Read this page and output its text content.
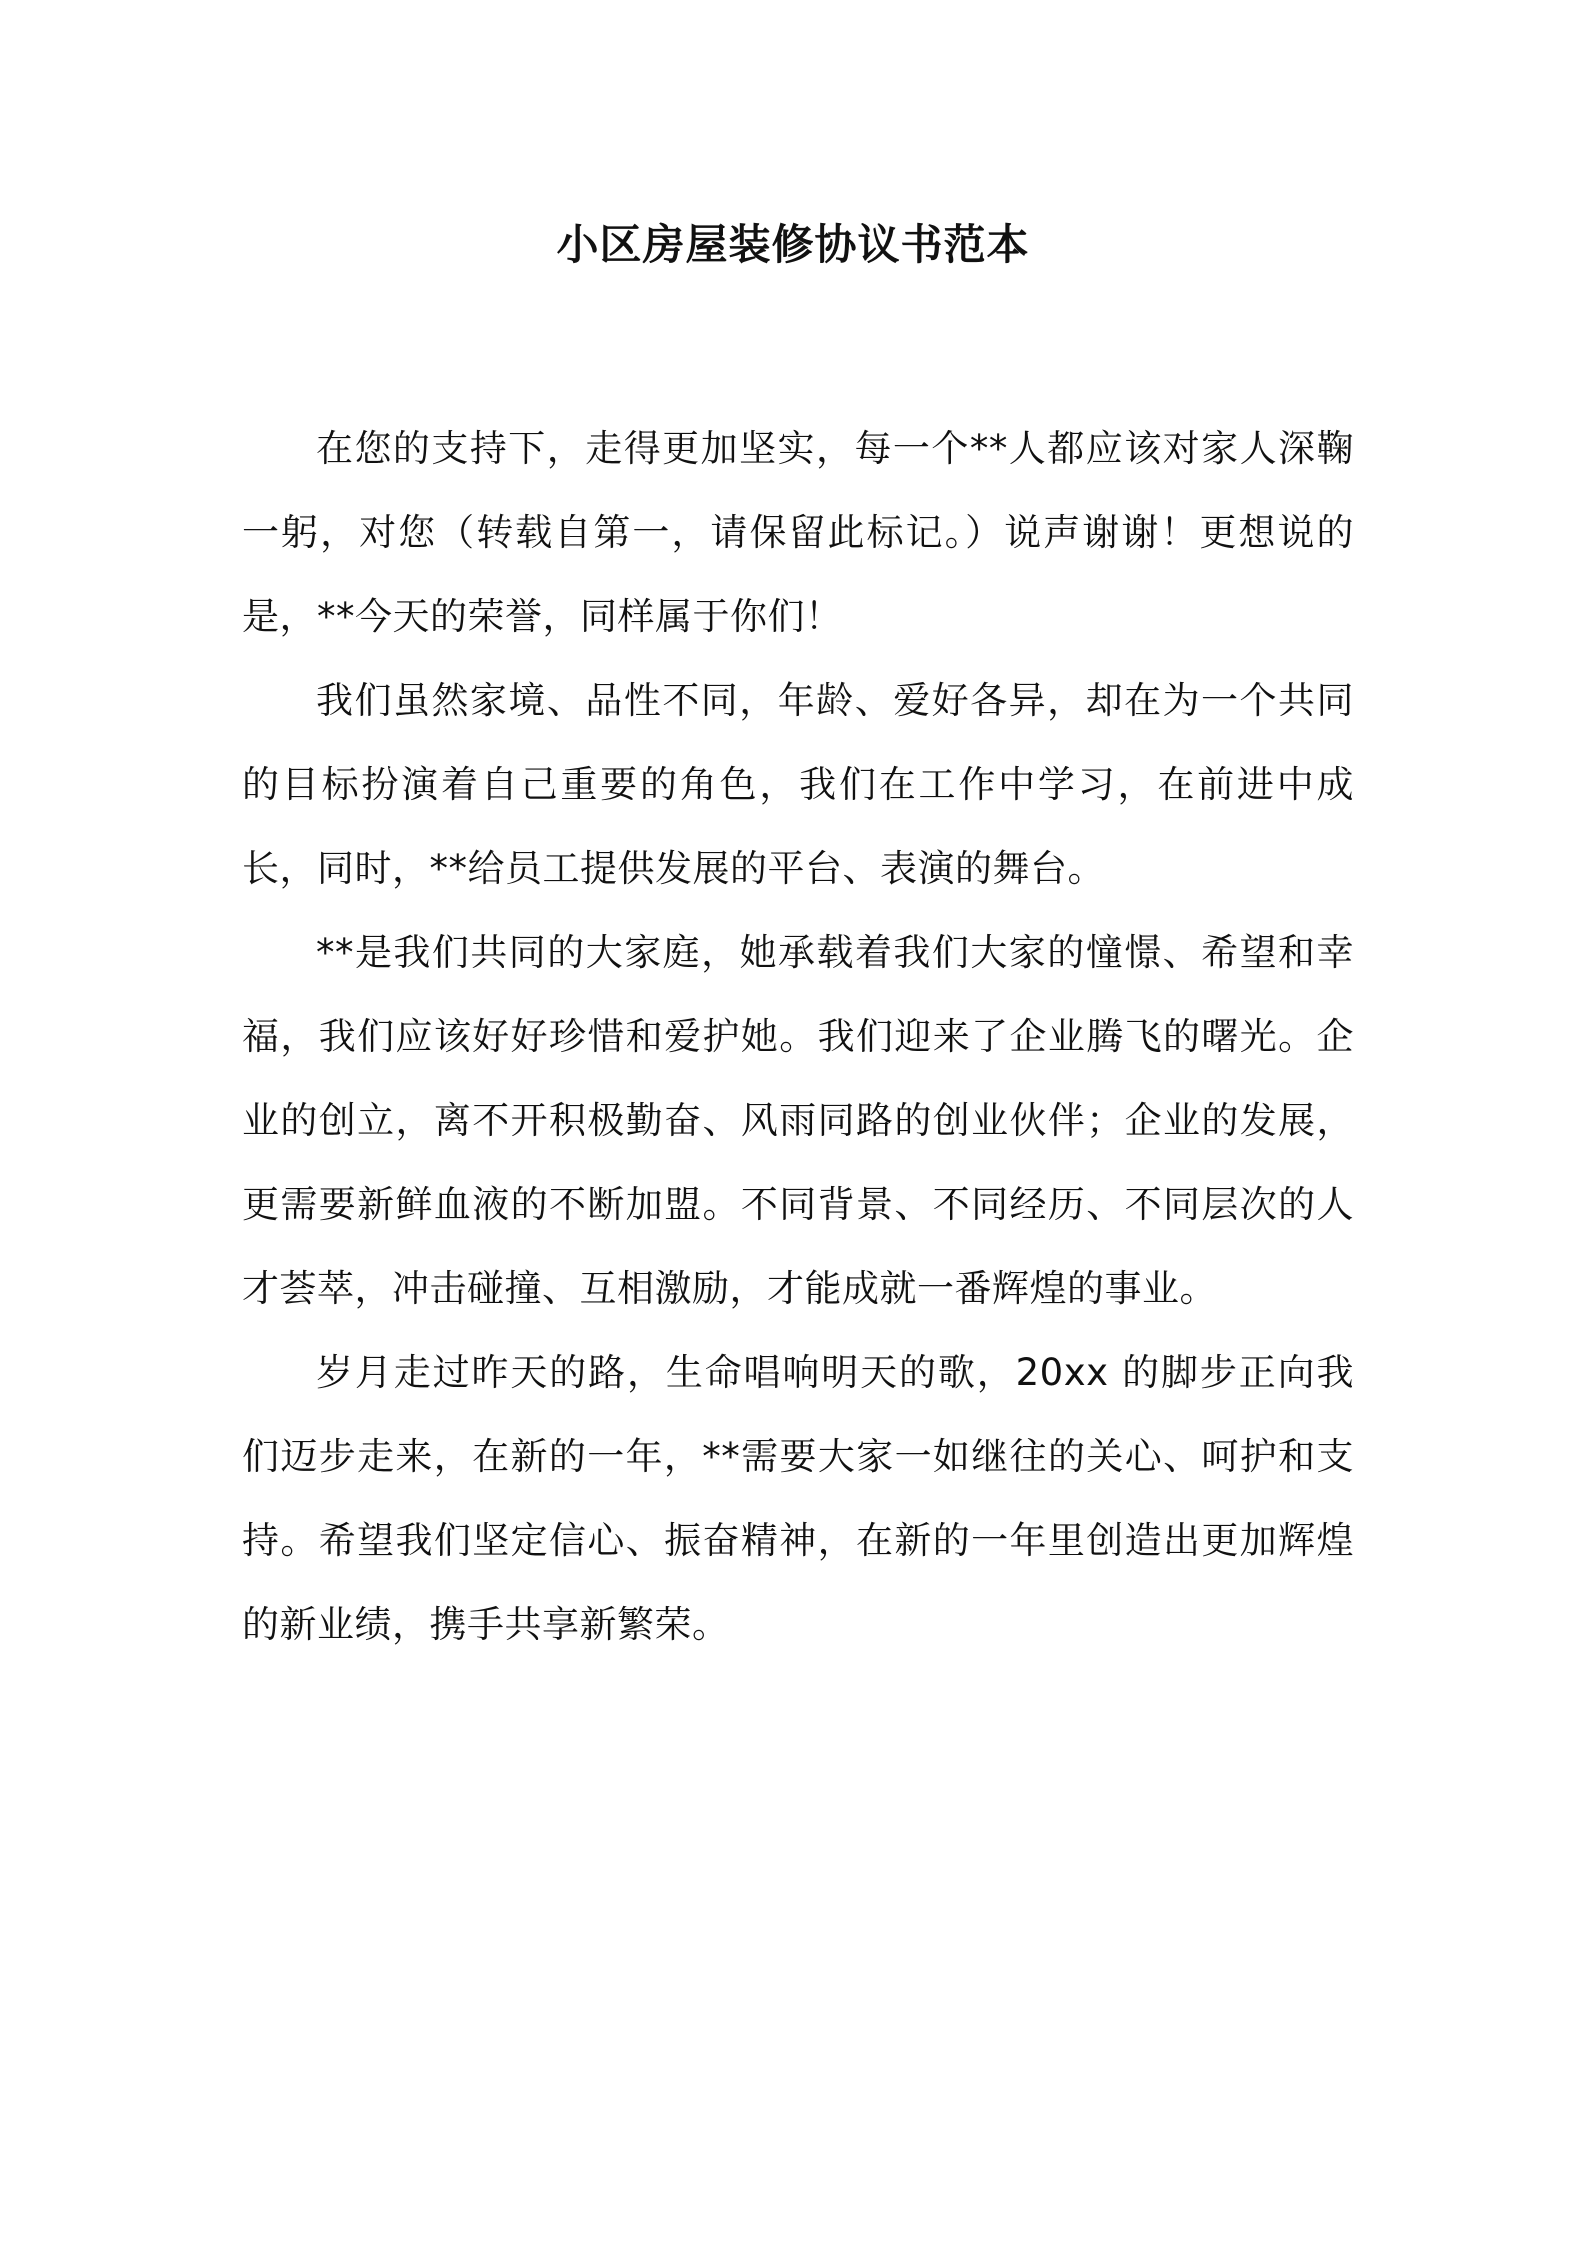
小区房屋装修协议书范本

在您的支持下，走得更加坚实，每一个**人都应该对家人深鞠一躬，对您（转载自第一，请保留此标记。）说声谢谢！更想说的是，**今天的荣誉，同样属于你们！

我们虽然家境、品性不同，年龄、爱好各异，却在为一个共同的目标扮演着自己重要的角色，我们在工作中学习，在前进中成长，同时，**给员工提供发展的平台、表演的舞台。

**是我们共同的大家庭，她承载着我们大家的憧憬、希望和幸福，我们应该好好珍惜和爱护她。我们迎来了企业腾飞的曙光。企业的创立，离不开积极勤奋、风雨同路的创业伙伴；企业的发展，更需要新鲜血液的不断加盟。不同背景、不同经历、不同层次的人才荟萃，冲击碰撞、互相激励，才能成就一番辉煌的事业。

岁月走过昨天的路，生命唱响明天的歌，20xx 的脚步正向我们迈步走来，在新的一年，**需要大家一如继往的关心、呵护和支持。希望我们坚定信心、振奋精神，在新的一年里创造出更加辉煌的新业绩，携手共享新繁荣。
